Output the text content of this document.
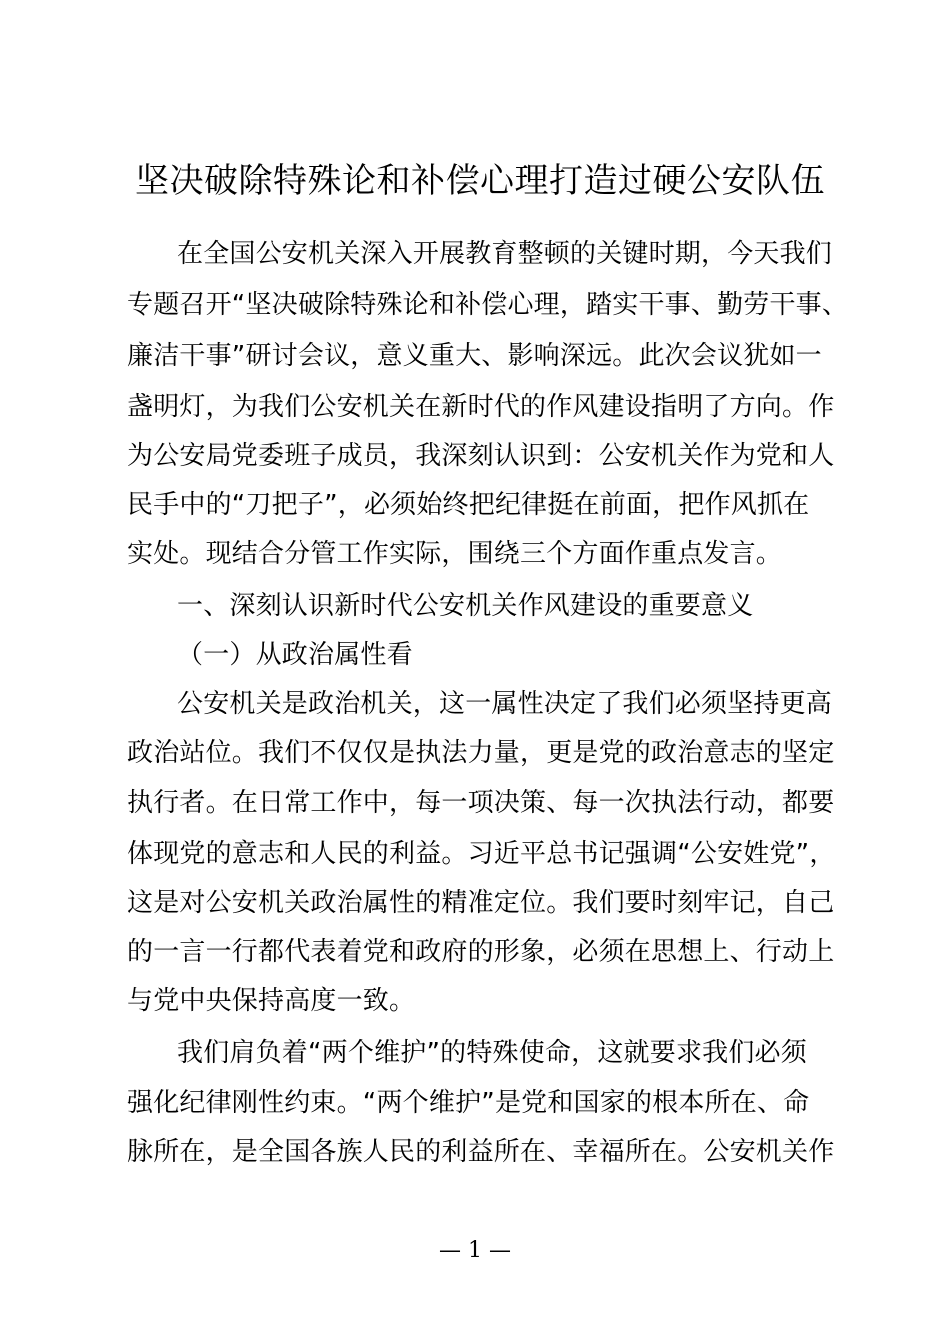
坚决破除特殊论和补偿心理打造过硬公安队伍
在全国公安机关深入开展教育整顿的关键时期，今天我们
专题召开“坚决破除特殊论和补偿心理，踏实干事、勤劳干事、
廉洁干事”研讨会议，意义重大、影响深远。此次会议犹如一
盏明灯，为我们公安机关在新时代的作风建设指明了方向。作
为公安局党委班子成员，我深刻认识到：公安机关作为党和人
民手中的“刀把子”，必须始终把纪律挺在前面，把作风抓在
实处。现结合分管工作实际，围绕三个方面作重点发言。
一、深刻认识新时代公安机关作风建设的重要意义
（一）从政治属性看
公安机关是政治机关，这一属性决定了我们必须坚持更高
政治站位。我们不仅仅是执法力量，更是党的政治意志的坚定
执行者。在日常工作中，每一项决策、每一次执法行动，都要
体现党的意志和人民的利益。习近平总书记强调“公安姓党”，
这是对公安机关政治属性的精准定位。我们要时刻牢记，自己
的一言一行都代表着党和政府的形象，必须在思想上、行动上
与党中央保持高度一致。
我们肩负着“两个维护”的特殊使命，这就要求我们必须
强化纪律刚性约束。“两个维护”是党和国家的根本所在、命
脉所在，是全国各族人民的利益所在、幸福所在。公安机关作
— 1 —
